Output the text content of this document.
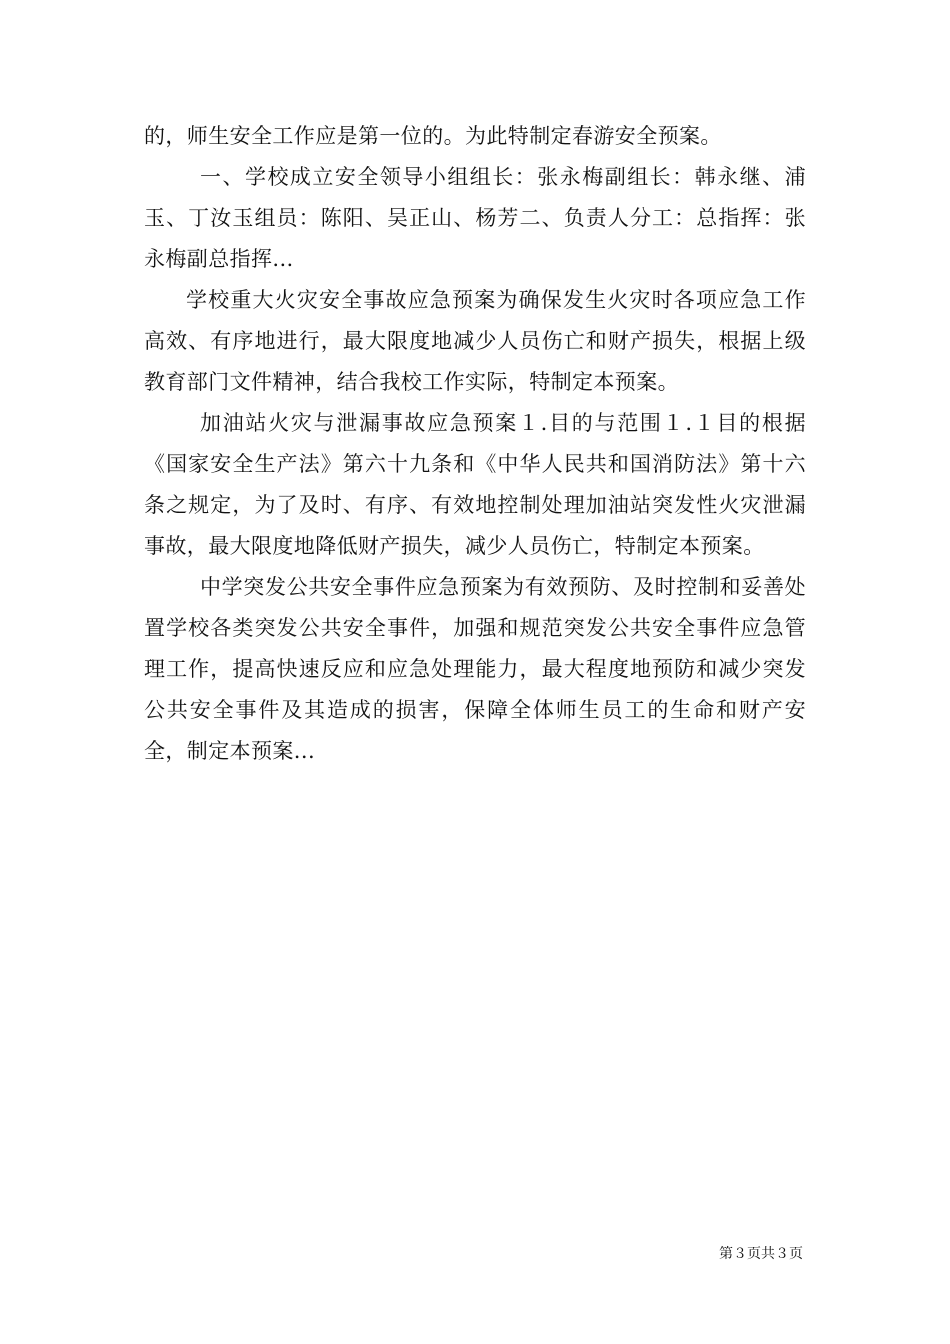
的，师生安全工作应是第一位的。为此特制定春游安全预案。

一、学校成立安全领导小组组长：张永梅副组长：韩永继、浦玉、丁汝玉组员：陈阳、吴正山、杨芳二、负责人分工：总指挥：张永梅副总指挥...

学校重大火灾安全事故应急预案为确保发生火灾时各项应急工作高效、有序地进行，最大限度地减少人员伤亡和财产损失，根据上级教育部门文件精神，结合我校工作实际，特制定本预案。

加油站火灾与泄漏事故应急预案１.目的与范围１.１目的根据《国家安全生产法》第六十九条和《中华人民共和国消防法》第十六条之规定，为了及时、有序、有效地控制处理加油站突发性火灾泄漏事故，最大限度地降低财产损失，减少人员伤亡，特制定本预案。

中学突发公共安全事件应急预案为有效预防、及时控制和妥善处置学校各类突发公共安全事件，加强和规范突发公共安全事件应急管理工作，提高快速反应和应急处理能力，最大程度地预防和减少突发公共安全事件及其造成的损害，保障全体师生员工的生命和财产安全，制定本预案...

第３页共３页
